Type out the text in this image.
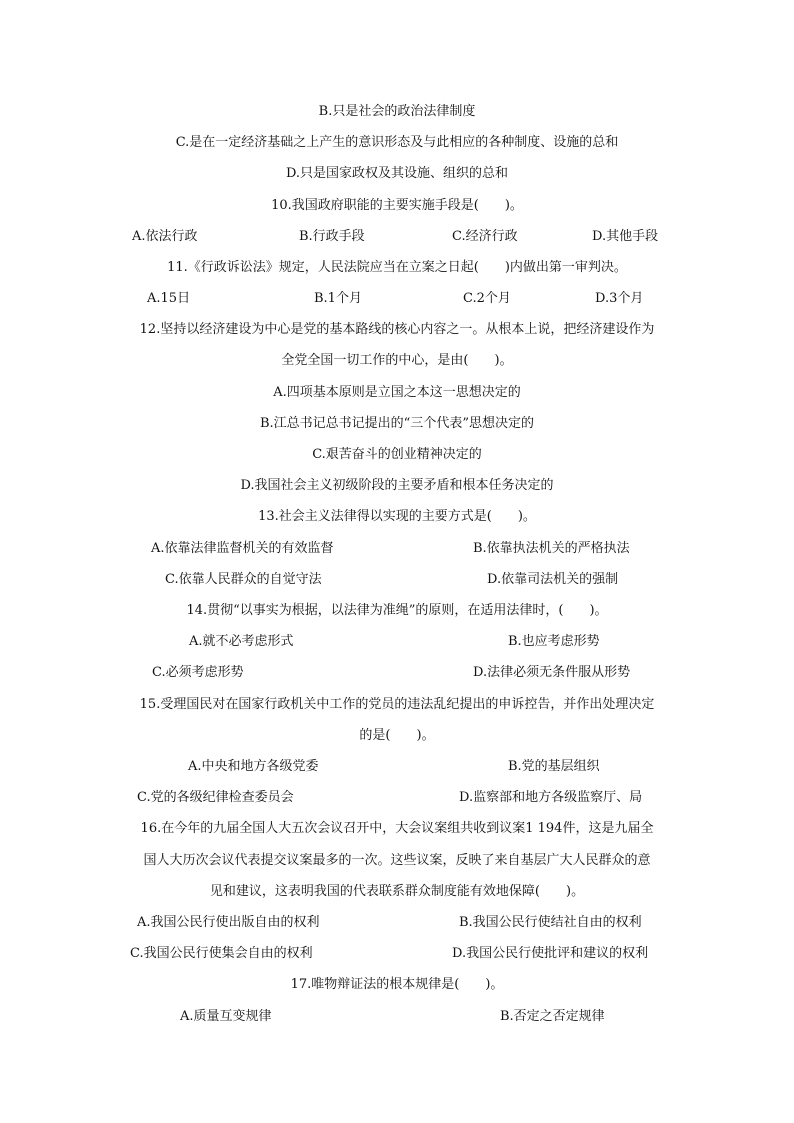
B.只是社会的政治法律制度
C.是在一定经济基础之上产生的意识形态及与此相应的各种制度、设施的总和
D.只是国家政权及其设施、组织的总和
10.我国政府职能的主要实施手段是(　　)。
A.依法行政	B.行政手段	C.经济行政	D.其他手段
11.《行政诉讼法》规定，人民法院应当在立案之日起(　　)内做出第一审判决。
A.15日	B.1个月	C.2个月	D.3个月
12.坚持以经济建设为中心是党的基本路线的核心内容之一。从根本上说，把经济建设作为
全党全国一切工作的中心，是由(　　)。
A.四项基本原则是立国之本这一思想决定的
B.江总书记总书记提出的“三个代表”思想决定的
C.艰苦奋斗的创业精神决定的
D.我国社会主义初级阶段的主要矛盾和根本任务决定的
13.社会主义法律得以实现的主要方式是(　　)。
A.依靠法律监督机关的有效监督	B.依靠执法机关的严格执法
C.依靠人民群众的自觉守法	D.依靠司法机关的强制
14.贯彻“以事实为根据，以法律为准绳”的原则，在适用法律时，(　　)。
A.就不必考虑形式	B.也应考虑形势
C.必须考虑形势	D.法律必须无条件服从形势
15.受理国民对在国家行政机关中工作的党员的违法乱纪提出的申诉控告，并作出处理决定
的是(　　)。
A.中央和地方各级党委	B.党的基层组织
C.党的各级纪律检查委员会	D.监察部和地方各级监察厅、局
16.在今年的九届全国人大五次会议召开中，大会议案组共收到议案1 194件，这是九届全
国人大历次会议代表提交议案最多的一次。这些议案，反映了来自基层广大人民群众的意
见和建议，这表明我国的代表联系群众制度能有效地保障(　　)。
A.我国公民行使出版自由的权利	B.我国公民行使结社自由的权利
C.我国公民行使集会自由的权利	D.我国公民行使批评和建议的权利
17.唯物辩证法的根本规律是(　　)。
A.质量互变规律	B.否定之否定规律
